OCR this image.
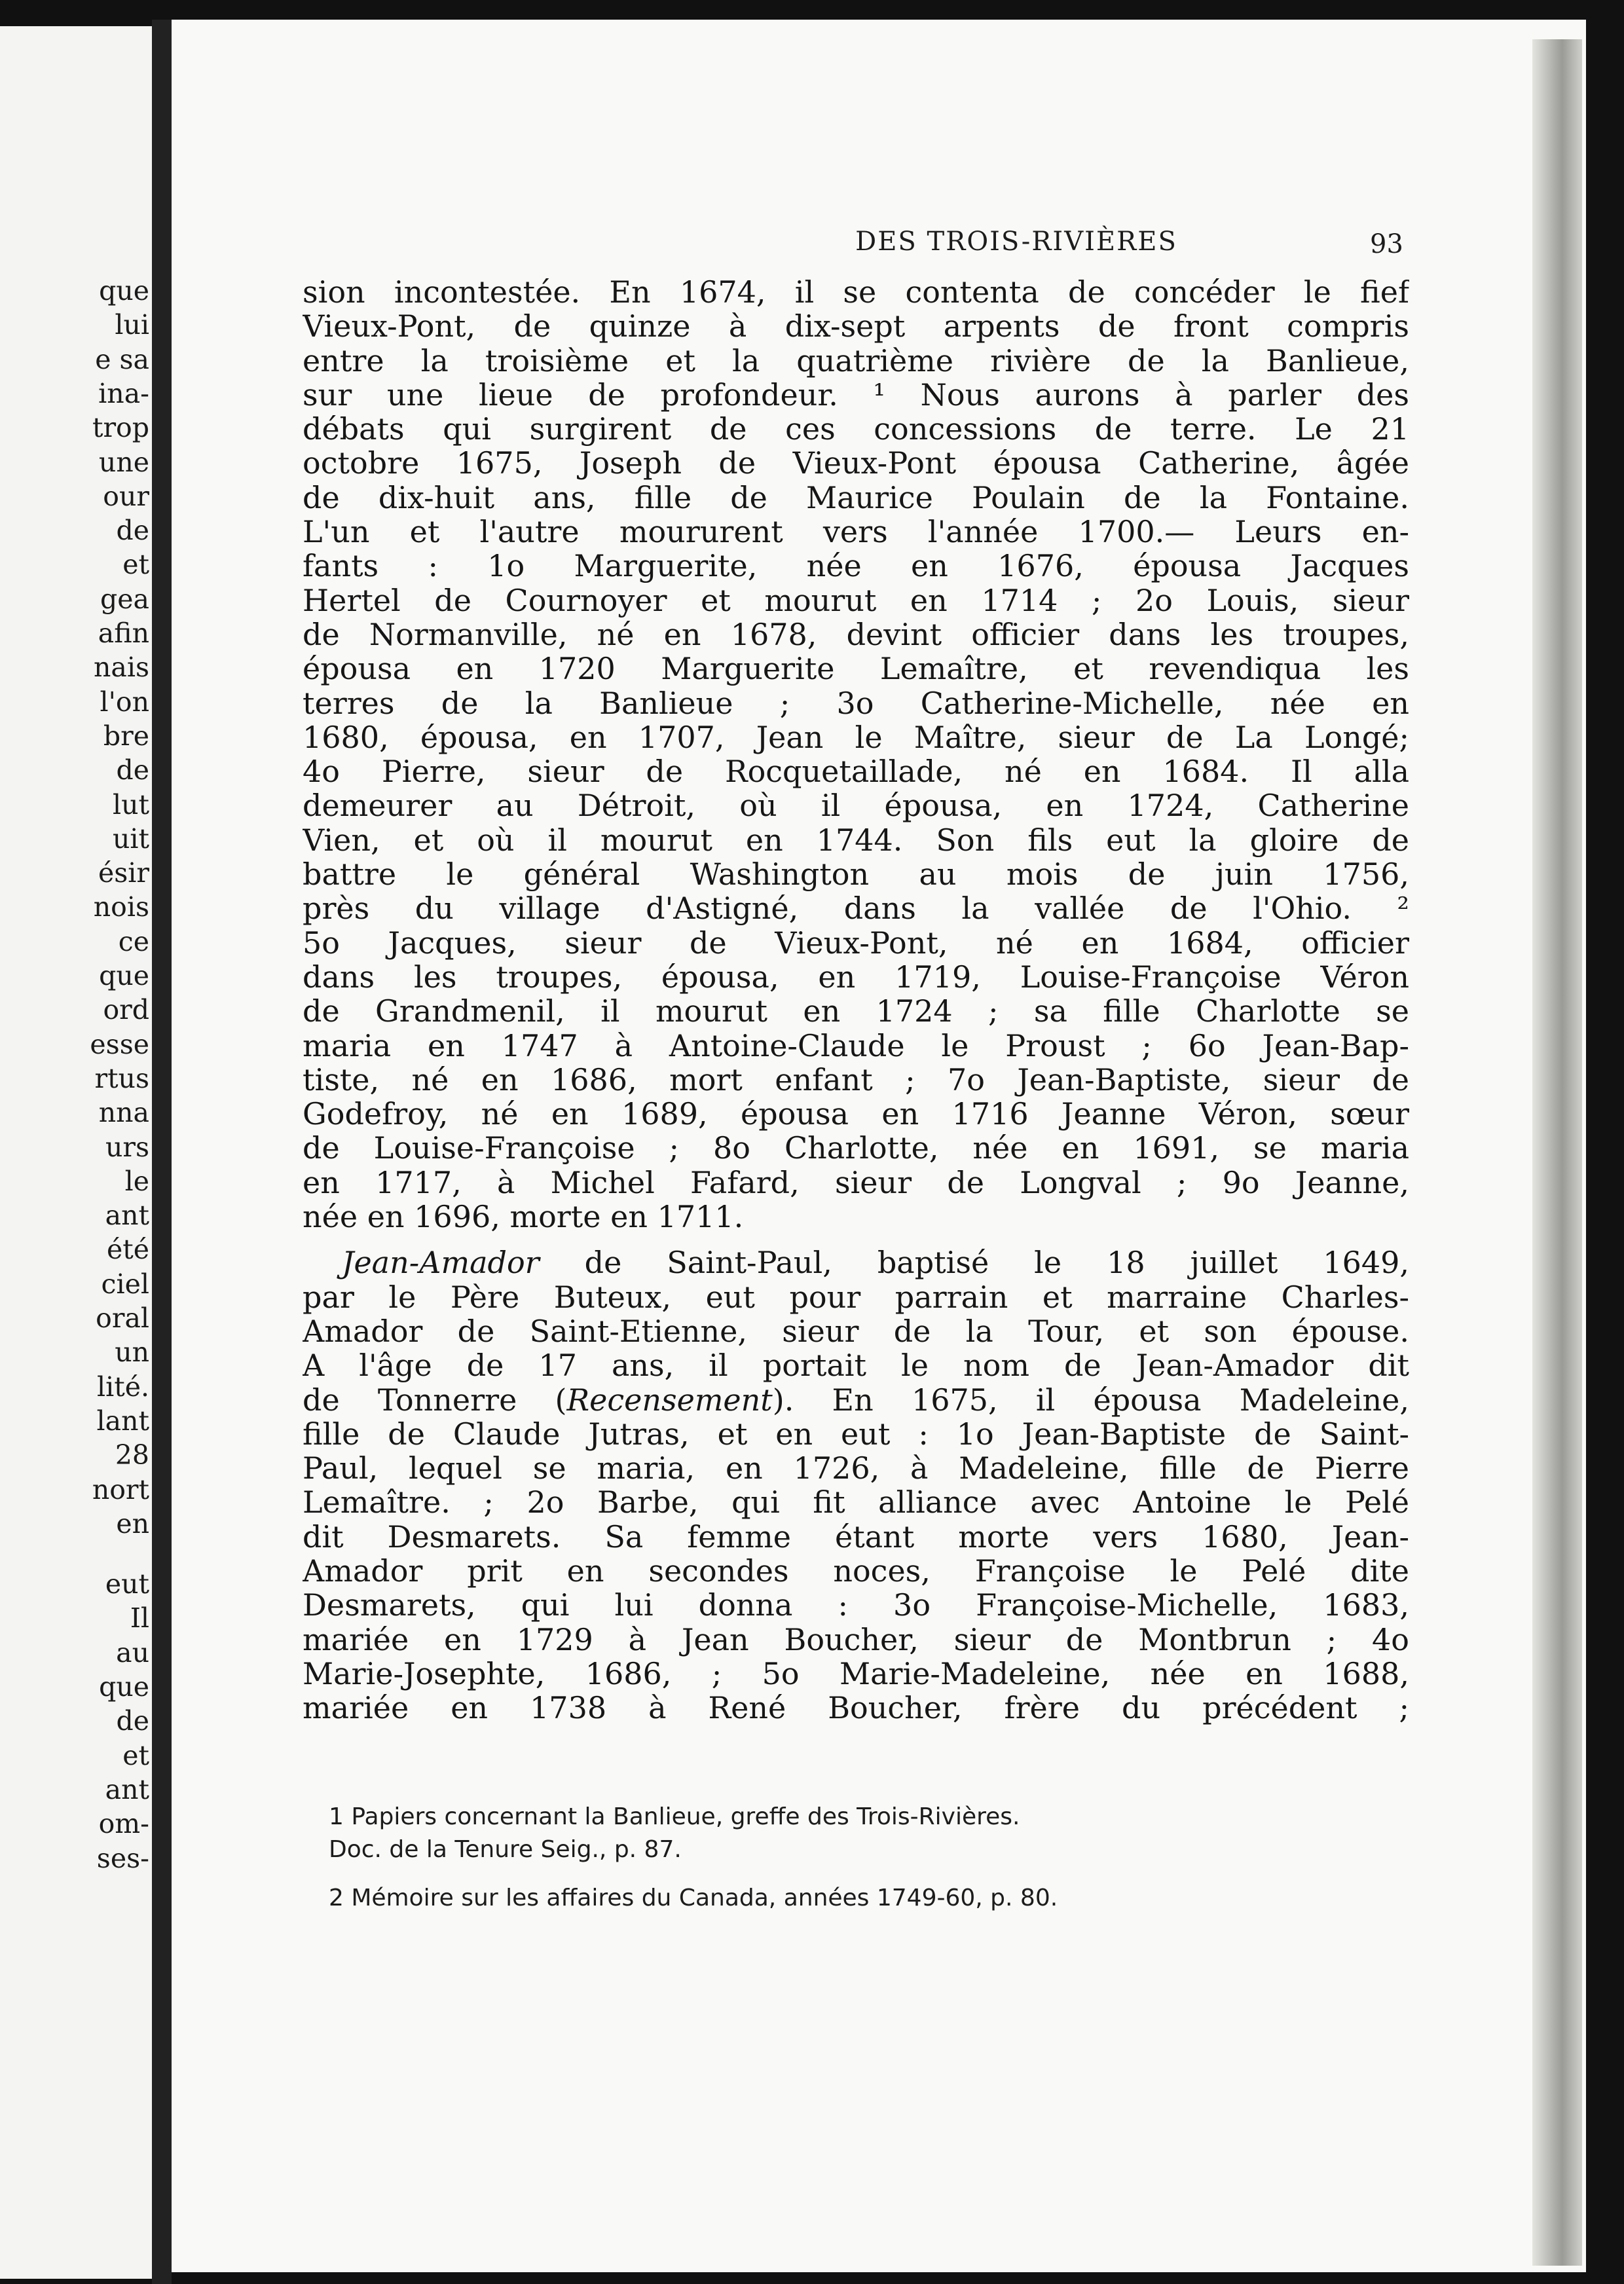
que
lui
e sa
ina-
trop
une
our
de
et
gea
afin
nais
l'on
bre
de
lut
uit
ésir
nois
ce
que
ord
esse
rtus
nna
urs
le
ant
été
ciel
oral
un
lité.
lant
28
nort
en
eut
Il
au
que
de
et
ant
om-
ses-
DES TROIS-RIVIÈRES	93
sion incontestée. En 1674, il se contenta de concéder le fief
Vieux-Pont, de quinze à dix-sept arpents de front compris
entre la troisième et la quatrième rivière de la Banlieue,
sur une lieue de profondeur. ¹ Nous aurons à parler des
débats qui surgirent de ces concessions de terre. Le 21
octobre 1675, Joseph de Vieux-Pont épousa Catherine, âgée
de dix-huit ans, fille de Maurice Poulain de la Fontaine.
L'un et l'autre moururent vers l'année 1700.— Leurs en-
fants : 1o Marguerite, née en 1676, épousa Jacques
Hertel de Cournoyer et mourut en 1714 ; 2o Louis, sieur
de Normanville, né en 1678, devint officier dans les troupes,
épousa en 1720 Marguerite Lemaître, et revendiqua les
terres de la Banlieue ; 3o Catherine-Michelle, née en
1680, épousa, en 1707, Jean le Maître, sieur de La Longé;
4o Pierre, sieur de Rocquetaillade, né en 1684. Il alla
demeurer au Détroit, où il épousa, en 1724, Catherine
Vien, et où il mourut en 1744. Son fils eut la gloire de
battre le général Washington au mois de juin 1756,
près du village d'Astigné, dans la vallée de l'Ohio. ²
5o Jacques, sieur de Vieux-Pont, né en 1684, officier
dans les troupes, épousa, en 1719, Louise-Françoise Véron
de Grandmenil, il mourut en 1724 ; sa fille Charlotte se
maria en 1747 à Antoine-Claude le Proust ; 6o Jean-Bap-
tiste, né en 1686, mort enfant ; 7o Jean-Baptiste, sieur de
Godefroy, né en 1689, épousa en 1716 Jeanne Véron, sœur
de Louise-Françoise ; 8o Charlotte, née en 1691, se maria
en 1717, à Michel Fafard, sieur de Longval ; 9o Jeanne,
née en 1696, morte en 1711.
Jean-Amador de Saint-Paul, baptisé le 18 juillet 1649,
par le Père Buteux, eut pour parrain et marraine Charles-
Amador de Saint-Etienne, sieur de la Tour, et son épouse.
A l'âge de 17 ans, il portait le nom de Jean-Amador dit
de Tonnerre (Recensement). En 1675, il épousa Madeleine,
fille de Claude Jutras, et en eut : 1o Jean-Baptiste de Saint-
Paul, lequel se maria, en 1726, à Madeleine, fille de Pierre
Lemaître. ; 2o Barbe, qui fit alliance avec Antoine le Pelé
dit Desmarets. Sa femme étant morte vers 1680, Jean-
Amador prit en secondes noces, Françoise le Pelé dite
Desmarets, qui lui donna : 3o Françoise-Michelle, 1683,
mariée en 1729 à Jean Boucher, sieur de Montbrun ; 4o
Marie-Josephte, 1686, ; 5o Marie-Madeleine, née en 1688,
mariée en 1738 à René Boucher, frère du précédent ;
1 Papiers concernant la Banlieue, greffe des Trois-Rivières.
Doc. de la Tenure Seig., p. 87.
2 Mémoire sur les affaires du Canada, années 1749-60, p. 80.
